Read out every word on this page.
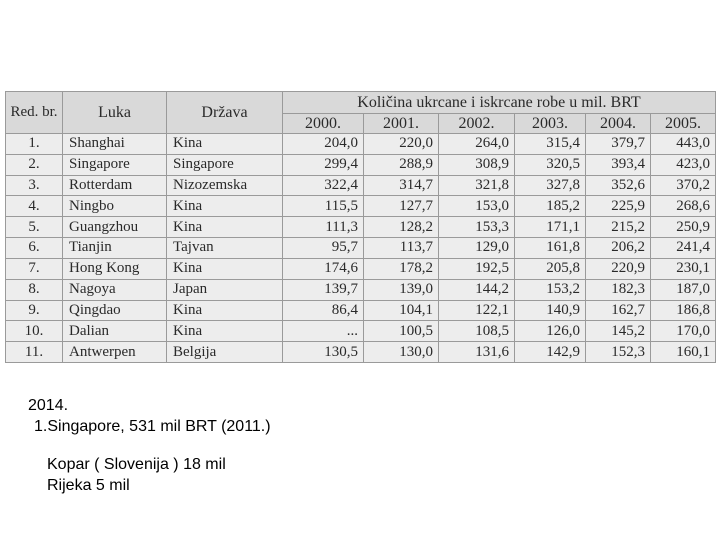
Red. br.	Luka	Država	Količina ukrcane i iskrcane robe u mil. BRT					
			2000.	2001.	2002.	2003.	2004.	2005.
1.	Shanghai	Kina	204,0	220,0	264,0	315,4	379,7	443,0
2.	Singapore	Singapore	299,4	288,9	308,9	320,5	393,4	423,0
3.	Rotterdam	Nizozemska	322,4	314,7	321,8	327,8	352,6	370,2
4.	Ningbo	Kina	115,5	127,7	153,0	185,2	225,9	268,6
5.	Guangzhou	Kina	111,3	128,2	153,3	171,1	215,2	250,9
6.	Tianjin	Tajvan	95,7	113,7	129,0	161,8	206,2	241,4
7.	Hong Kong	Kina	174,6	178,2	192,5	205,8	220,9	230,1
8.	Nagoya	Japan	139,7	139,0	144,2	153,2	182,3	187,0
9.	Qingdao	Kina	86,4	104,1	122,1	140,9	162,7	186,8
10.	Dalian	Kina	...	100,5	108,5	126,0	145,2	170,0
11.	Antwerpen	Belgija	130,5	130,0	131,6	142,9	152,3	160,1
2014.
1.Singapore, 531 mil BRT (2011.)
Kopar ( Slovenija ) 18 mil
Rijeka 5 mil
